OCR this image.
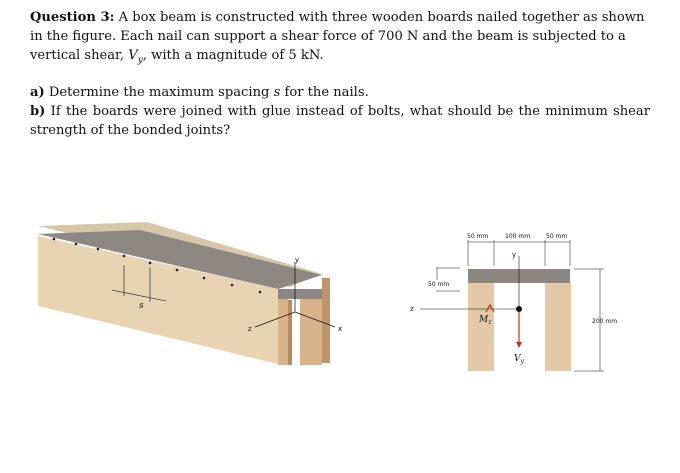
Question 3: A box beam is constructed with three wooden boards nailed together as shown in the figure. Each nail can support a shear force of 700 N and the beam is subjected to a vertical shear, $V_y$, with a magnitude of 5 kN.

a) Determine the maximum spacing s for the nails.

b) If the boards were joined with glue instead of bolts, what should be the minimum shear strength of the bonded joints?

s
y
x
z
50 mm	100 mm	50 mm
50 mm
200 mm
y
z
$M_z$
$V_y$
